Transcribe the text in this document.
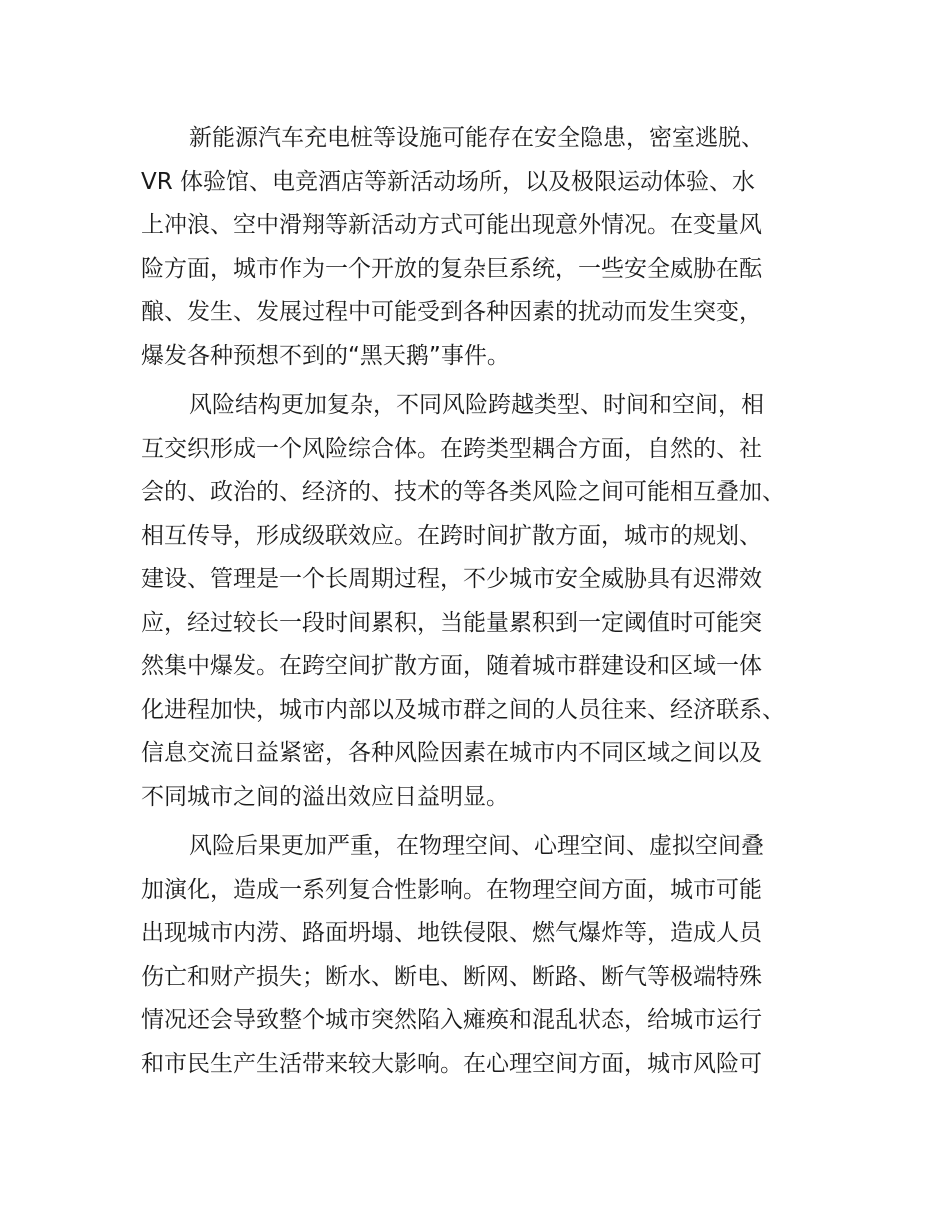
新能源汽车充电桩等设施可能存在安全隐患，密室逃脱、
VR 体验馆、电竞酒店等新活动场所，以及极限运动体验、水
上冲浪、空中滑翔等新活动方式可能出现意外情况。在变量风
险方面，城市作为一个开放的复杂巨系统，一些安全威胁在酝
酿、发生、发展过程中可能受到各种因素的扰动而发生突变，
爆发各种预想不到的“黑天鹅”事件。

风险结构更加复杂，不同风险跨越类型、时间和空间，相
互交织形成一个风险综合体。在跨类型耦合方面，自然的、社
会的、政治的、经济的、技术的等各类风险之间可能相互叠加、
相互传导，形成级联效应。在跨时间扩散方面，城市的规划、
建设、管理是一个长周期过程，不少城市安全威胁具有迟滞效
应，经过较长一段时间累积，当能量累积到一定阈值时可能突
然集中爆发。在跨空间扩散方面，随着城市群建设和区域一体
化进程加快，城市内部以及城市群之间的人员往来、经济联系、
信息交流日益紧密，各种风险因素在城市内不同区域之间以及
不同城市之间的溢出效应日益明显。

风险后果更加严重，在物理空间、心理空间、虚拟空间叠
加演化，造成一系列复合性影响。在物理空间方面，城市可能
出现城市内涝、路面坍塌、地铁侵限、燃气爆炸等，造成人员
伤亡和财产损失；断水、断电、断网、断路、断气等极端特殊
情况还会导致整个城市突然陷入瘫痪和混乱状态，给城市运行
和市民生产生活带来较大影响。在心理空间方面，城市风险可
